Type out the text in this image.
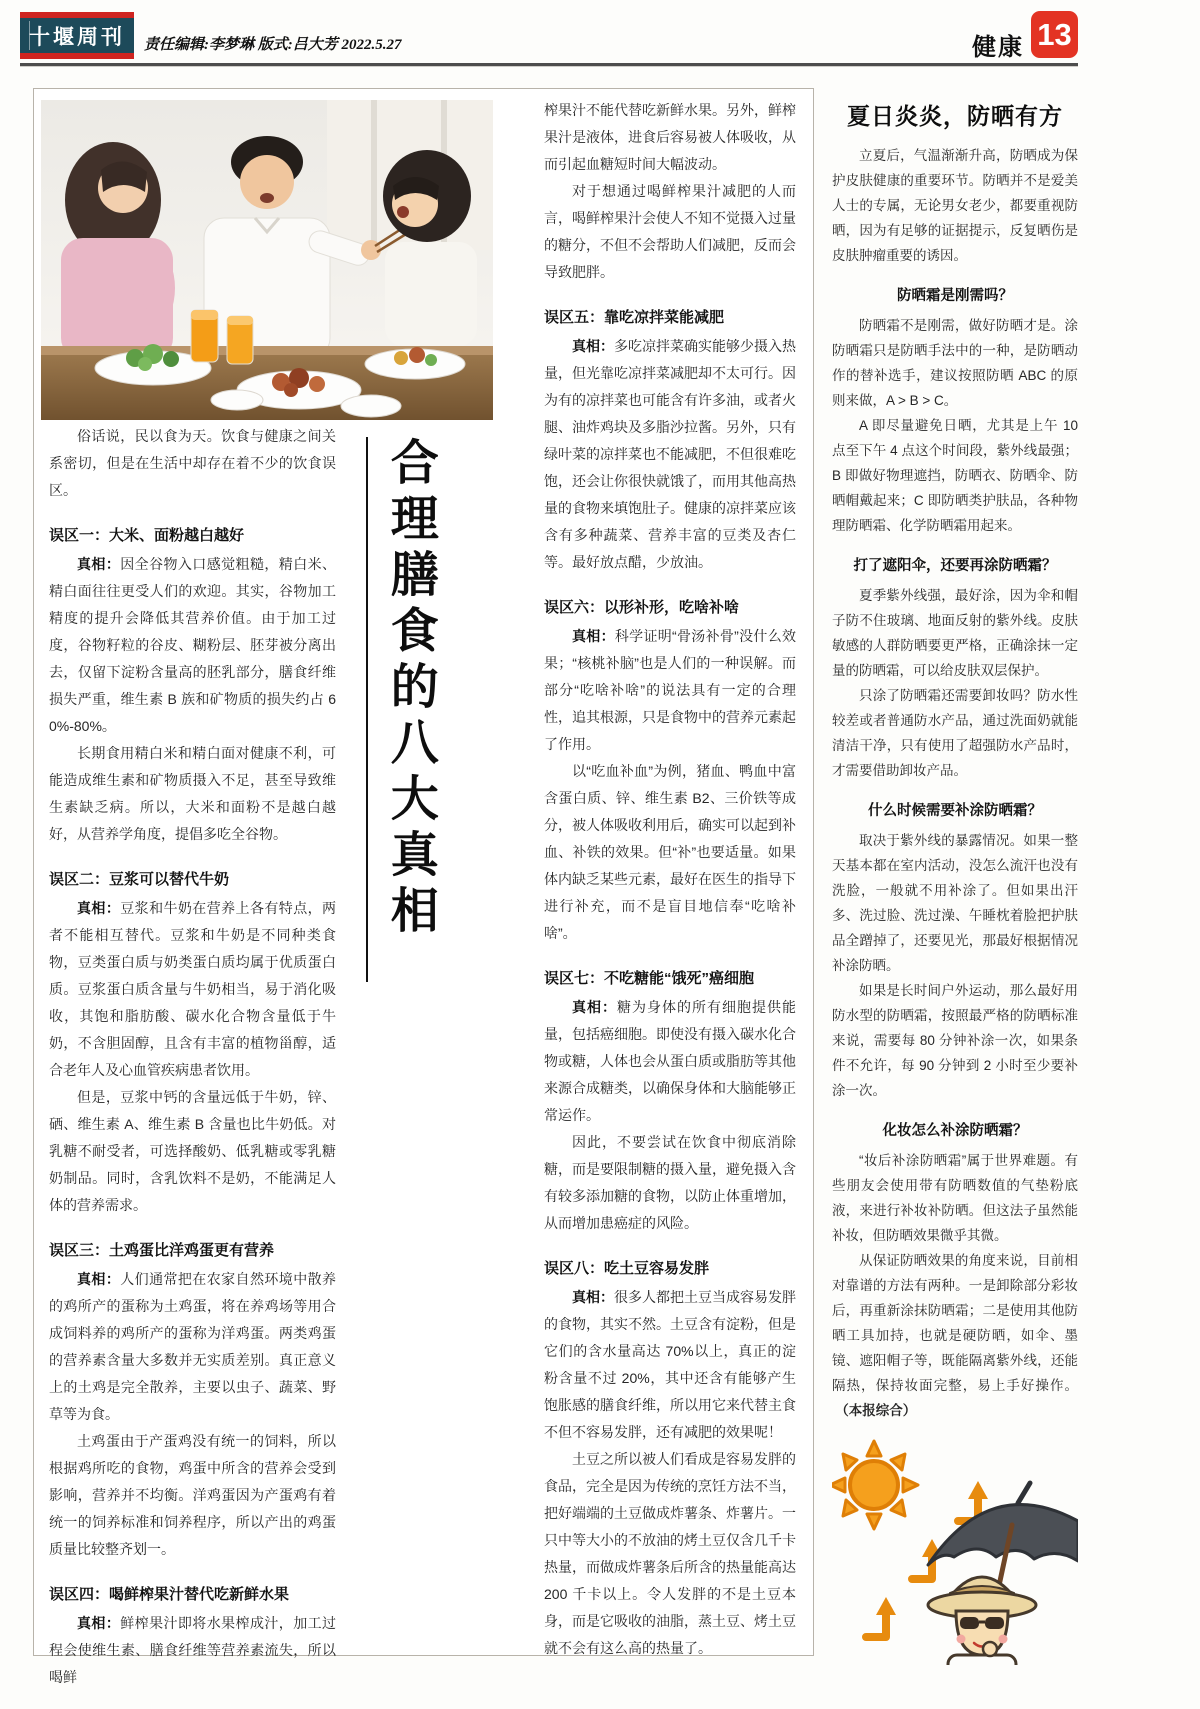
十堰周刊 责任编辑:李梦琳 版式:吕大芳 2022.5.27	健康 13

俗话说，民以食为天。饮食与健康之间关系密切，但是在生活中却存在着不少的饮食误区。

误区一：大米、面粉越白越好

真相：因全谷物入口感觉粗糙，精白米、精白面往往更受人们的欢迎。其实，谷物加工精度的提升会降低其营养价值。由于加工过度，谷物籽粒的谷皮、糊粉层、胚芽被分离出去，仅留下淀粉含量高的胚乳部分，膳食纤维损失严重，维生素 B 族和矿物质的损失约占 60%-80%。

长期食用精白米和精白面对健康不利，可能造成维生素和矿物质摄入不足，甚至导致维生素缺乏病。所以，大米和面粉不是越白越好，从营养学角度，提倡多吃全谷物。

误区二：豆浆可以替代牛奶

真相：豆浆和牛奶在营养上各有特点，两者不能相互替代。豆浆和牛奶是不同种类食物，豆类蛋白质与奶类蛋白质均属于优质蛋白质。豆浆蛋白质含量与牛奶相当，易于消化吸收，其饱和脂肪酸、碳水化合物含量低于牛奶，不含胆固醇，且含有丰富的植物甾醇，适合老年人及心血管疾病患者饮用。

但是，豆浆中钙的含量远低于牛奶，锌、硒、维生素 A、维生素 B 含量也比牛奶低。对乳糖不耐受者，可选择酸奶、低乳糖或零乳糖奶制品。同时，含乳饮料不是奶，不能满足人体的营养需求。

误区三：土鸡蛋比洋鸡蛋更有营养

真相：人们通常把在农家自然环境中散养的鸡所产的蛋称为土鸡蛋，将在养鸡场等用合成饲料养的鸡所产的蛋称为洋鸡蛋。两类鸡蛋的营养素含量大多数并无实质差别。真正意义上的土鸡是完全散养，主要以虫子、蔬菜、野草等为食。

土鸡蛋由于产蛋鸡没有统一的饲料，所以根据鸡所吃的食物，鸡蛋中所含的营养会受到影响，营养并不均衡。洋鸡蛋因为产蛋鸡有着统一的饲养标准和饲养程序，所以产出的鸡蛋质量比较整齐划一。

误区四：喝鲜榨果汁替代吃新鲜水果

真相：鲜榨果汁即将水果榨成汁，加工过程会使维生素、膳食纤维等营养素流失，所以喝鲜

合理膳食的八大真相

榨果汁不能代替吃新鲜水果。另外，鲜榨果汁是液体，进食后容易被人体吸收，从而引起血糖短时间大幅波动。

对于想通过喝鲜榨果汁减肥的人而言，喝鲜榨果汁会使人不知不觉摄入过量的糖分，不但不会帮助人们减肥，反而会导致肥胖。

误区五：靠吃凉拌菜能减肥

真相：多吃凉拌菜确实能够少摄入热量，但光靠吃凉拌菜减肥却不太可行。因为有的凉拌菜也可能含有许多油，或者火腿、油炸鸡块及多脂沙拉酱。另外，只有绿叶菜的凉拌菜也不能减肥，不但很难吃饱，还会让你很快就饿了，而用其他高热量的食物来填饱肚子。健康的凉拌菜应该含有多种蔬菜、营养丰富的豆类及杏仁等。最好放点醋，少放油。

误区六：以形补形，吃啥补啥

真相：科学证明“骨汤补骨”没什么效果；“核桃补脑”也是人们的一种误解。而部分“吃啥补啥”的说法具有一定的合理性，追其根源，只是食物中的营养元素起了作用。

以“吃血补血”为例，猪血、鸭血中富含蛋白质、锌、维生素 B2、三价铁等成分，被人体吸收利用后，确实可以起到补血、补铁的效果。但“补”也要适量。如果体内缺乏某些元素，最好在医生的指导下进行补充，而不是盲目地信奉“吃啥补啥”。

误区七：不吃糖能“饿死”癌细胞

真相：糖为身体的所有细胞提供能量，包括癌细胞。即使没有摄入碳水化合物或糖，人体也会从蛋白质或脂肪等其他来源合成糖类，以确保身体和大脑能够正常运作。

因此，不要尝试在饮食中彻底消除糖，而是要限制糖的摄入量，避免摄入含有较多添加糖的食物，以防止体重增加，从而增加患癌症的风险。

误区八：吃土豆容易发胖

真相：很多人都把土豆当成容易发胖的食物，其实不然。土豆含有淀粉，但是它们的含水量高达 70%以上，真正的淀粉含量不过 20%，其中还含有能够产生饱胀感的膳食纤维，所以用它来代替主食不但不容易发胖，还有减肥的效果呢！

土豆之所以被人们看成是容易发胖的食品，完全是因为传统的烹饪方法不当，把好端端的土豆做成炸薯条、炸薯片。一只中等大小的不放油的烤土豆仅含几千卡热量，而做成炸薯条后所含的热量能高达 200 千卡以上。令人发胖的不是土豆本身，而是它吸收的油脂，蒸土豆、烤土豆就不会有这么高的热量了。

夏日炎炎，防晒有方

立夏后，气温渐渐升高，防晒成为保护皮肤健康的重要环节。防晒并不是爱美人士的专属，无论男女老少，都要重视防晒，因为有足够的证据提示，反复晒伤是皮肤肿瘤重要的诱因。

防晒霜是刚需吗？

防晒霜不是刚需，做好防晒才是。涂防晒霜只是防晒手法中的一种，是防晒动作的替补选手，建议按照防晒 ABC 的原则来做，A > B > C。

A 即尽量避免日晒，尤其是上午 10 点至下午 4 点这个时间段，紫外线最强；B 即做好物理遮挡，防晒衣、防晒伞、防晒帽戴起来；C 即防晒类护肤品，各种物理防晒霜、化学防晒霜用起来。

打了遮阳伞，还要再涂防晒霜？

夏季紫外线强，最好涂，因为伞和帽子防不住玻璃、地面反射的紫外线。皮肤敏感的人群防晒要更严格，正确涂抹一定量的防晒霜，可以给皮肤双层保护。

只涂了防晒霜还需要卸妆吗？防水性较差或者普通防水产品，通过洗面奶就能清洁干净，只有使用了超强防水产品时，才需要借助卸妆产品。

什么时候需要补涂防晒霜？

取决于紫外线的暴露情况。如果一整天基本都在室内活动，没怎么流汗也没有洗脸，一般就不用补涂了。但如果出汗多、洗过脸、洗过澡、午睡枕着脸把护肤品全蹭掉了，还要见光，那最好根据情况补涂防晒。

如果是长时间户外运动，那么最好用防水型的防晒霜，按照最严格的防晒标准来说，需要每 80 分钟补涂一次，如果条件不允许，每 90 分钟到 2 小时至少要补涂一次。

化妆怎么补涂防晒霜？

“妆后补涂防晒霜”属于世界难题。有些朋友会使用带有防晒数值的气垫粉底液，来进行补妆补防晒。但这法子虽然能补妆，但防晒效果微乎其微。

从保证防晒效果的角度来说，目前相对靠谱的方法有两种。一是卸除部分彩妆后，再重新涂抹防晒霜；二是使用其他防晒工具加持，也就是硬防晒，如伞、墨镜、遮阳帽子等，既能隔离紫外线，还能隔热，保持妆面完整，易上手好操作。（本报综合）
